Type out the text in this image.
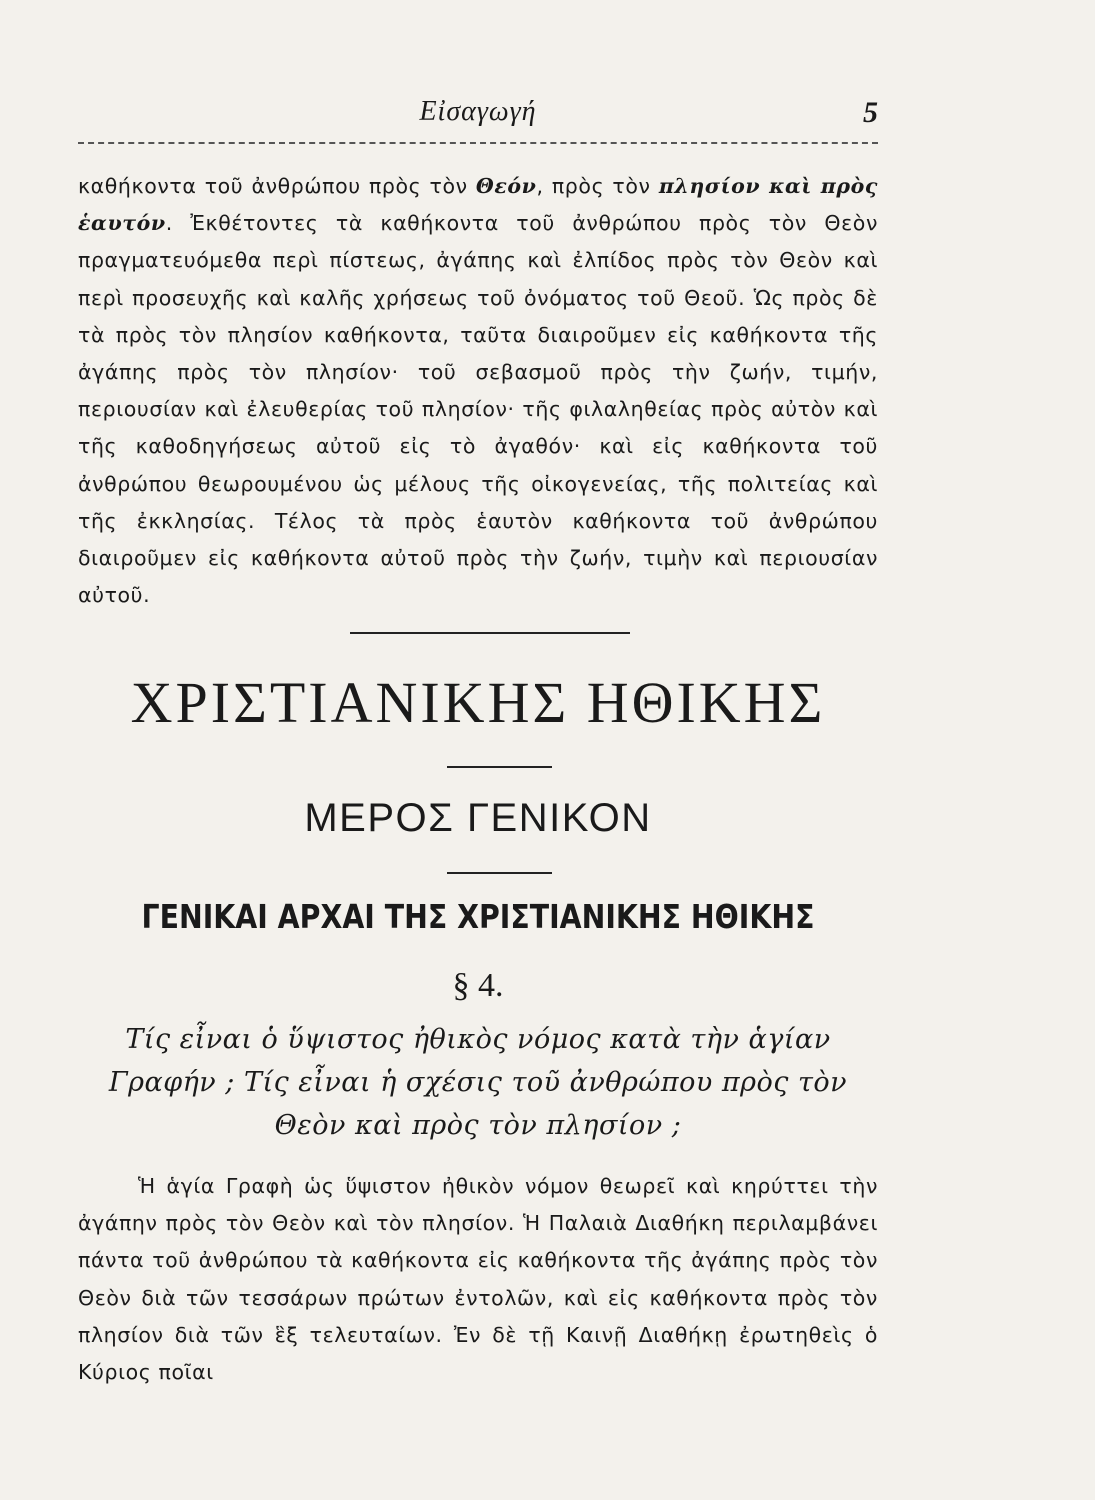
Εἰσαγωγή	5

καθήκοντα τοῦ ἀνθρώπου πρὸς τὸν Θεόν, πρὸς τὸν πλησίον καὶ πρὸς ἑαυτόν. Ἐκθέτοντες τὰ καθήκοντα τοῦ ἀνθρώπου πρὸς τὸν Θεὸν πραγματευόμεθα περὶ πίστεως, ἀγάπης καὶ ἐλπίδος πρὸς τὸν Θεὸν καὶ περὶ προσευχῆς καὶ καλῆς χρήσεως τοῦ ὀνόματος τοῦ Θεοῦ. Ὡς πρὸς δὲ τὰ πρὸς τὸν πλησίον καθήκοντα, ταῦτα διαιροῦμεν εἰς καθήκοντα τῆς ἀγάπης πρὸς τὸν πλησίον· τοῦ σεβασμοῦ πρὸς τὴν ζωήν, τιμήν, περιουσίαν καὶ ἐλευθερίας τοῦ πλησίον· τῆς φιλαληθείας πρὸς αὐτὸν καὶ τῆς καθοδηγήσεως αὐτοῦ εἰς τὸ ἀγαθόν· καὶ εἰς καθήκοντα τοῦ ἀνθρώπου θεωρουμένου ὡς μέλους τῆς οἰκογενείας, τῆς πολιτείας καὶ τῆς ἐκκλησίας. Τέλος τὰ πρὸς ἑαυτὸν καθήκοντα τοῦ ἀνθρώπου διαιροῦμεν εἰς καθήκοντα αὐτοῦ πρὸς τὴν ζωήν, τιμὴν καὶ περιουσίαν αὐτοῦ.

ΧΡΙΣΤΙΑΝΙΚΗΣ ΗΘΙΚΗΣ
ΜΕΡΟΣ ΓΕΝΙΚΟΝ
ΓΕΝΙΚΑΙ ΑΡΧΑΙ ΤΗΣ ΧΡΙΣΤΙΑΝΙΚΗΣ ΗΘΙΚΗΣ
§ 4.
Τίς εἶναι ὁ ὕψιστος ἠθικὸς νόμος κατὰ τὴν ἁγίαν Γραφήν ; Τίς εἶναι ἡ σχέσις τοῦ ἀνθρώπου πρὸς τὸν Θεὸν καὶ πρὸς τὸν πλησίον ;

Ἡ ἁγία Γραφὴ ὡς ὕψιστον ἠθικὸν νόμον θεωρεῖ καὶ κηρύττει τὴν ἀγάπην πρὸς τὸν Θεὸν καὶ τὸν πλησίον. Ἡ Παλαιὰ Διαθήκη περιλαμβάνει πάντα τοῦ ἀνθρώπου τὰ καθήκοντα εἰς καθήκοντα τῆς ἀγάπης πρὸς τὸν Θεὸν διὰ τῶν τεσσάρων πρώτων ἐντολῶν, καὶ εἰς καθήκοντα πρὸς τὸν πλησίον διὰ τῶν ἓξ τελευταίων. Ἐν δὲ τῇ Καινῇ Διαθήκῃ ἐρωτηθεὶς ὁ Κύριος ποῖαι
